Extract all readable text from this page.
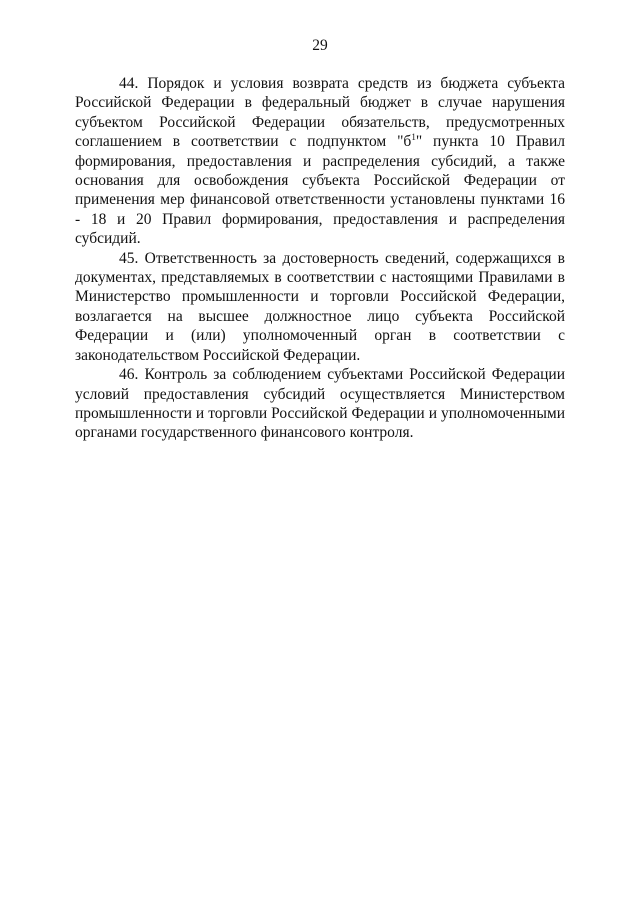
29

44. Порядок и условия возврата средств из бюджета субъекта Российской Федерации в федеральный бюджет в случае нарушения субъектом Российской Федерации обязательств, предусмотренных соглашением в соответствии с подпунктом "$б^1$" пункта 10 Правил формирования, предоставления и распределения субсидий, а также основания для освобождения субъекта Российской Федерации от применения мер финансовой ответственности установлены пунктами 16 - 18 и 20 Правил формирования, предоставления и распределения субсидий.

45. Ответственность за достоверность сведений, содержащихся в документах, представляемых в соответствии с настоящими Правилами в Министерство промышленности и торговли Российской Федерации, возлагается на высшее должностное лицо субъекта Российской Федерации и (или) уполномоченный орган в соответствии с законодательством Российской Федерации.

46. Контроль за соблюдением субъектами Российской Федерации условий предоставления субсидий осуществляется Министерством промышленности и торговли Российской Федерации и уполномоченными органами государственного финансового контроля.
